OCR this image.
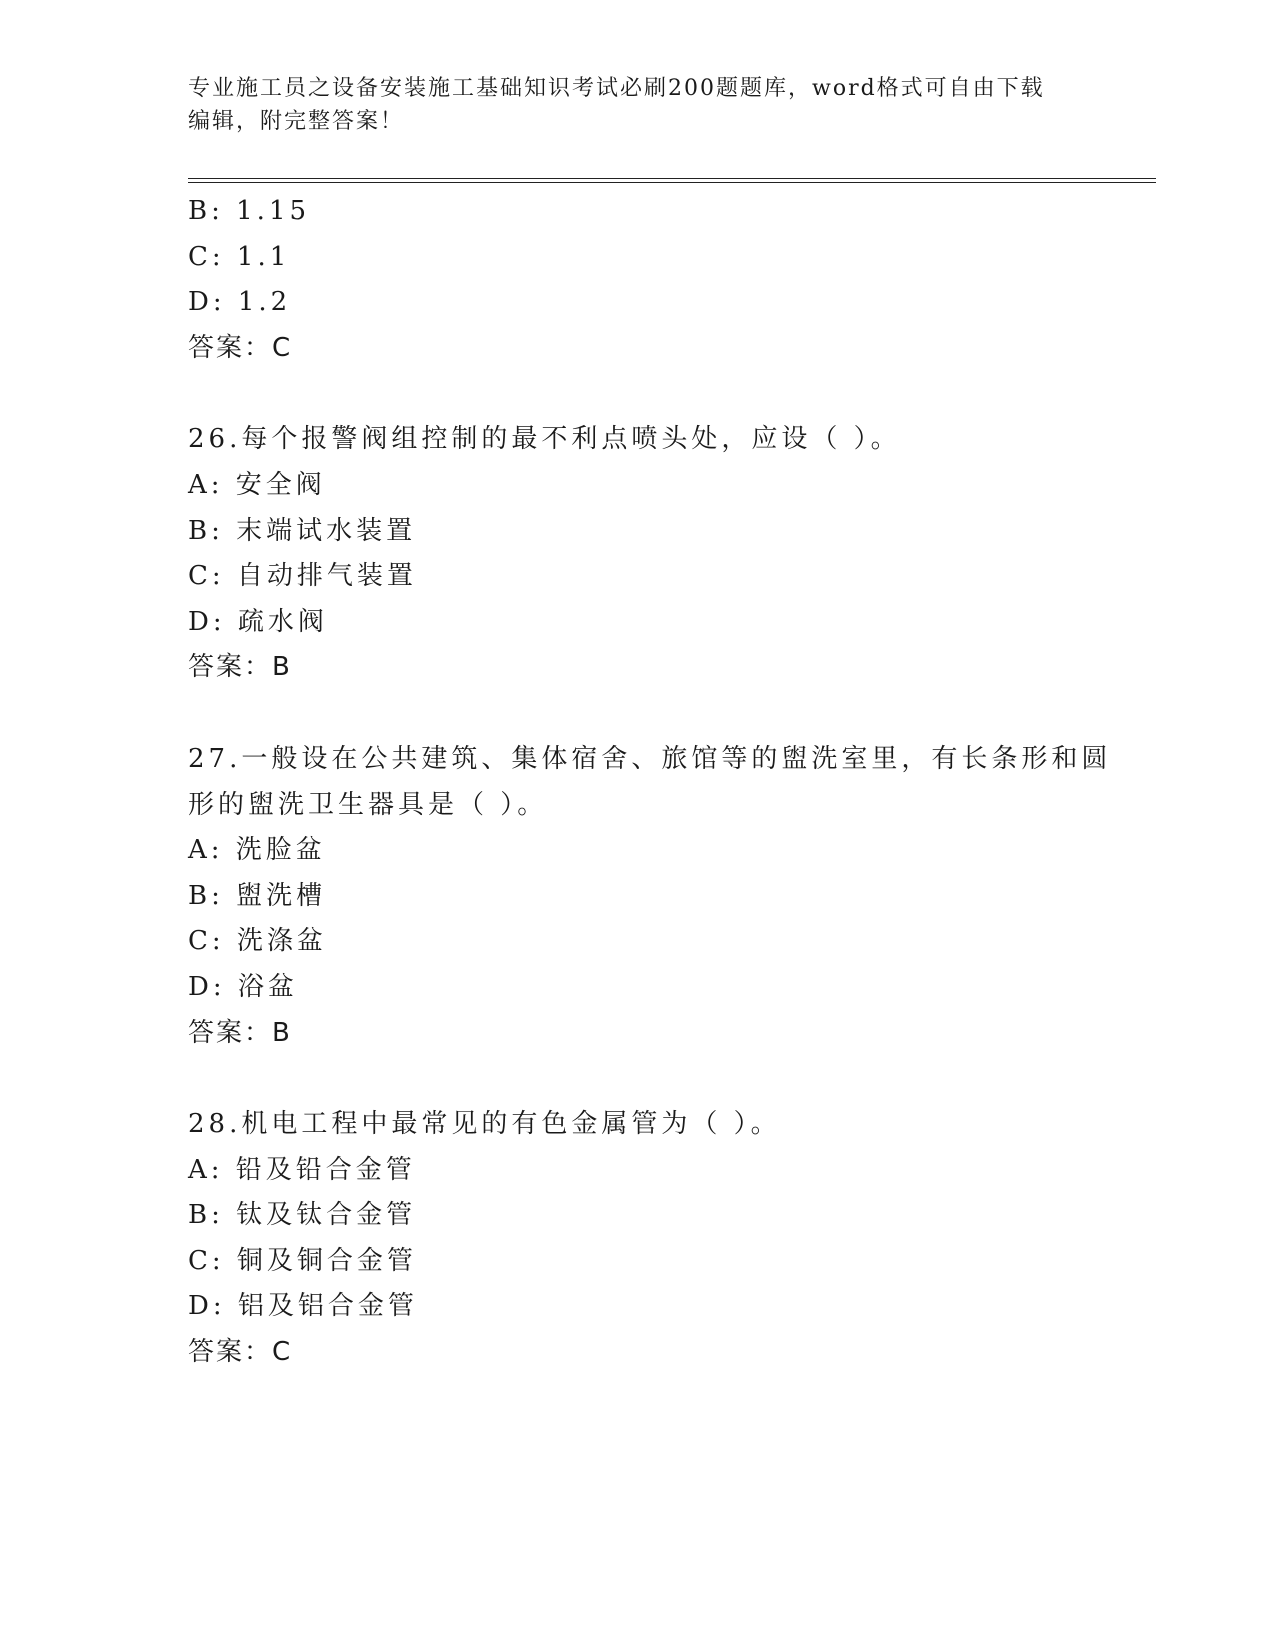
专业施工员之设备安装施工基础知识考试必刷200题题库，word格式可自由下载
编辑，附完整答案！
B: 1.15
C: 1.1
D: 1.2
答案：C
26.每个报警阀组控制的最不利点喷头处，应设（ ）。
A: 安全阀
B: 末端试水装置
C: 自动排气装置
D: 疏水阀
答案：B
27.一般设在公共建筑、集体宿舍、旅馆等的盥洗室里，有长条形和圆
形的盥洗卫生器具是（ ）。
A: 洗脸盆
B: 盥洗槽
C: 洗涤盆
D: 浴盆
答案：B
28.机电工程中最常见的有色金属管为（ ）。
A: 铅及铅合金管
B: 钛及钛合金管
C: 铜及铜合金管
D: 铝及铝合金管
答案：C
